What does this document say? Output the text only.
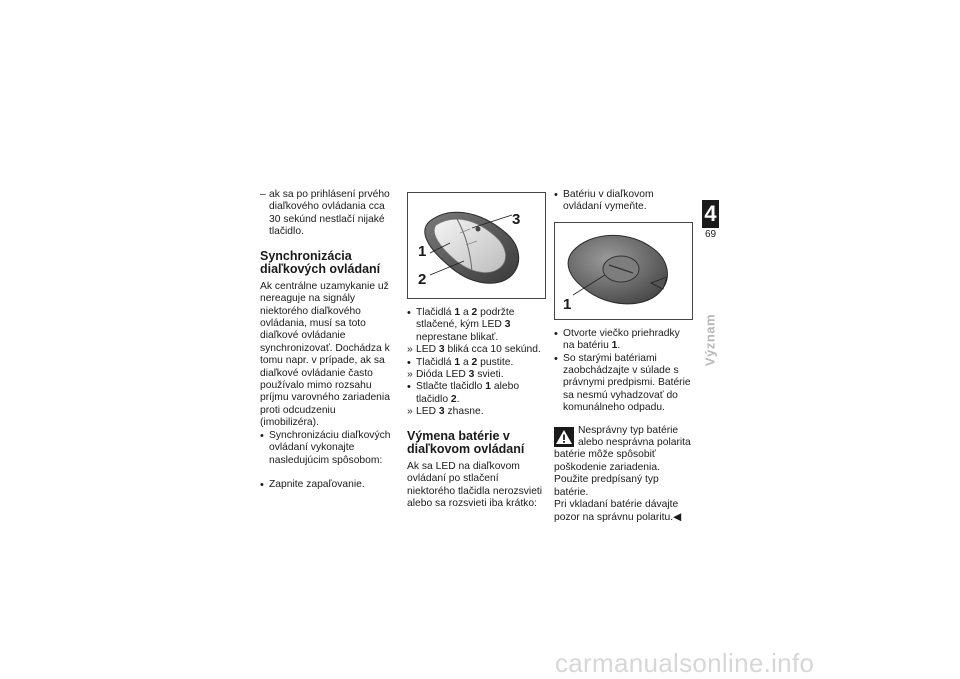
– ak sa po prihlásení prvého diaľkového ovládania cca 30 sekúnd nestlačí nijaké tlačidlo.
Synchronizácia diaľkových ovládaní

Ak centrálne uzamykanie už nereaguje na signály niektorého diaľkového ovládania, musí sa toto diaľkové ovládanie synchronizovať. Dochádza k tomu napr. v prípade, ak sa diaľkové ovládanie často používalo mimo rozsahu príjmu varovného zariadenia proti odcudzeniu (imobilizéra).

• Synchronizáciu diaľkových ovládaní vykonajte nasledujúcim spôsobom:
• Zapnite zapaľovanie.
3
1
2
• Tlačidlá 1 a 2 podržte stlačené, kým LED 3 neprestane blikať.
» LED 3 bliká cca 10 sekúnd.
• Tlačidlá 1 a 2 pustite.
» Dióda LED 3 svieti.
• Stlačte tlačidlo 1 alebo tlačidlo 2.
» LED 3 zhasne.
Výmena batérie v diaľkovom ovládaní

Ak sa LED na diaľkovom ovládaní po stlačení niektorého tlačidla nerozsvieti alebo sa rozsvieti iba krátko:

• Batériu v diaľkovom ovládaní vymeňte.
1
• Otvorte viečko priehradky na batériu 1.
• So starými batériami zaobchádzajte v súlade s právnymi predpismi. Batérie sa nesmú vyhadzovať do komunálneho odpadu.
Nesprávny typ batérie alebo nesprávna polarita batérie môže spôsobiť poškodenie zariadenia.

Použite predpísaný typ batérie.

Pri vkladaní batérie dávajte pozor na správnu polaritu.◀

4
69
Význam
carmanualsonline.info
